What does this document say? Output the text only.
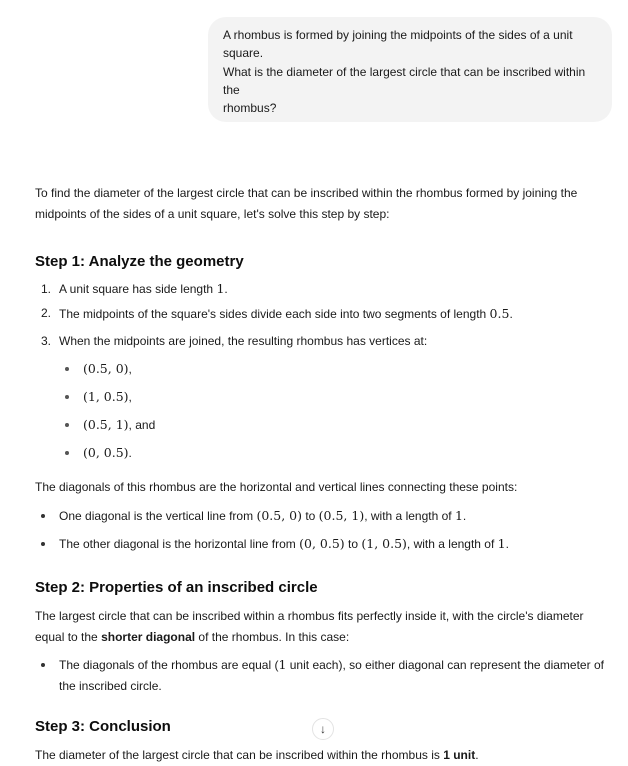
A rhombus is formed by joining the midpoints of the sides of a unit
square.
What is the diameter of the largest circle that can be inscribed within
the
rhombus?

To find the diameter of the largest circle that can be inscribed within the rhombus formed by joining the midpoints of the sides of a unit square, let's solve this step by step:

Step 1: Analyze the geometry
1. A unit square has side length 1.
2. The midpoints of the square's sides divide each side into two segments of length 0.5.
3. When the midpoints are joined, the resulting rhombus has vertices at:
(0.5, 0),
(1, 0.5),
(0.5, 1), and
(0, 0.5).

The diagonals of this rhombus are the horizontal and vertical lines connecting these points:

One diagonal is the vertical line from (0.5, 0) to (0.5, 1), with a length of 1.
The other diagonal is the horizontal line from (0, 0.5) to (1, 0.5), with a length of 1.
Step 2: Properties of an inscribed circle

The largest circle that can be inscribed within a rhombus fits perfectly inside it, with the circle's diameter equal to the shorter diagonal of the rhombus. In this case:

The diagonals of the rhombus are equal (1 unit each), so either diagonal can represent the diameter of the inscribed circle.
Step 3: Conclusion

The diameter of the largest circle that can be inscribed within the rhombus is 1 unit.

↓
